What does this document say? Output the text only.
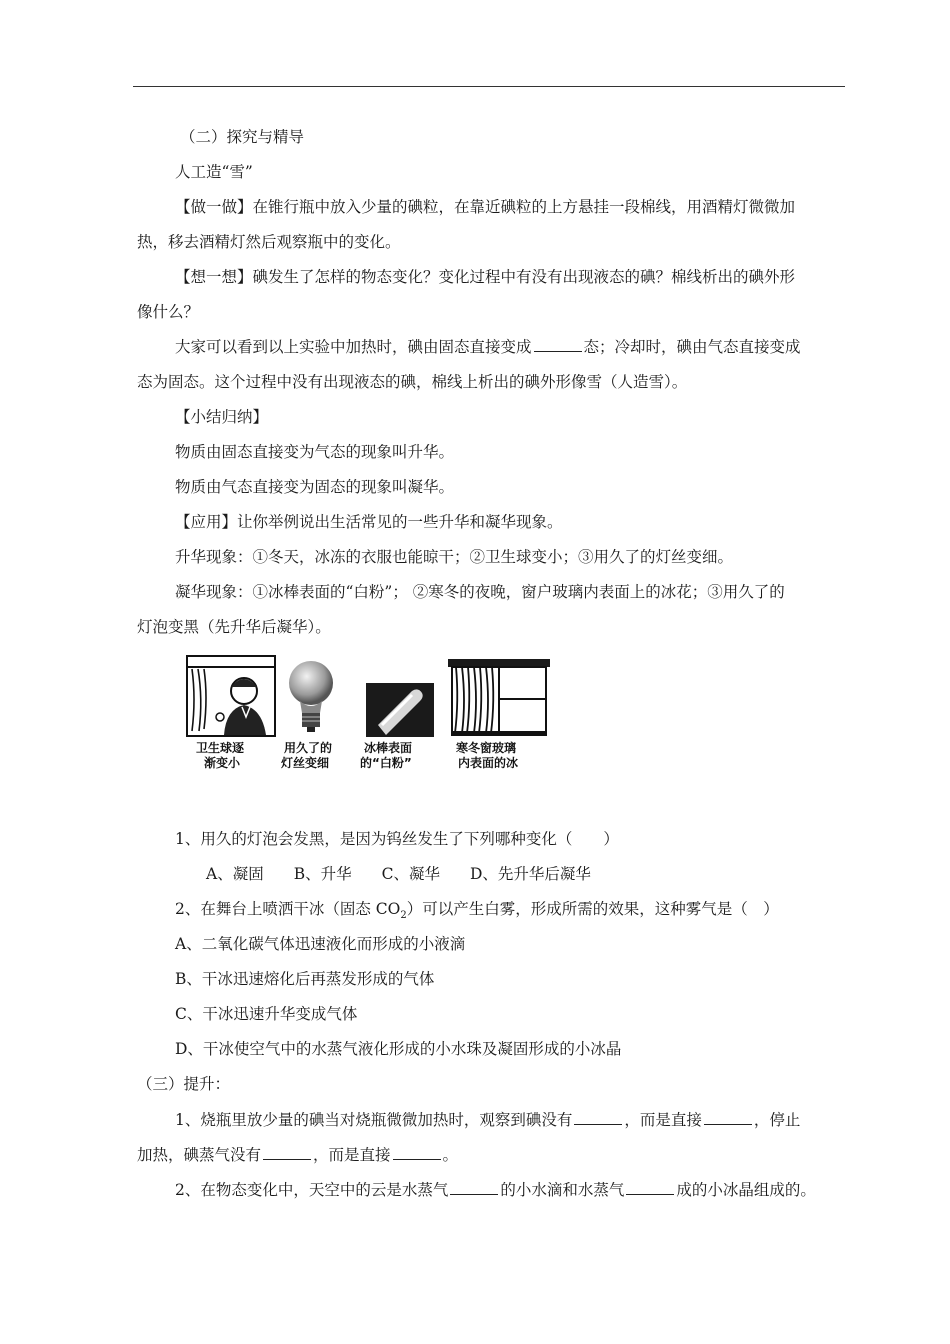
（二）探究与精导
人工造“雪”
【做一做】在锥行瓶中放入少量的碘粒，在靠近碘粒的上方悬挂一段棉线，用酒精灯微微加
热，移去酒精灯然后观察瓶中的变化。
【想一想】碘发生了怎样的物态变化？变化过程中有没有出现液态的碘？棉线析出的碘外形
像什么？
大家可以看到以上实验中加热时，碘由固态直接变成	态；冷却时，碘由气态直接变成
态为固态。这个过程中没有出现液态的碘，棉线上析出的碘外形像雪（人造雪）。
【小结归纳】
物质由固态直接变为气态的现象叫升华。
物质由气态直接变为固态的现象叫凝华。
【应用】让你举例说出生活常见的一些升华和凝华现象。
升华现象：①冬天，冰冻的衣服也能晾干；②卫生球变小；③用久了的灯丝变细。
凝华现象：①冰棒表面的“白粉”； ②寒冬的夜晚，窗户玻璃内表面上的冰花；③用久了的
灯泡变黑（先升华后凝华）。
卫生球逐
渐变小
用久了的
灯丝变细
冰棒表面
的“白粉”
寒冬窗玻璃
内表面的冰
1、用久的灯泡会发黑，是因为钨丝发生了下列哪种变化（　　）
A、凝固 B、升华 C、凝华 D、先升华后凝华
2、在舞台上喷洒干冰（固态 $CO_2$）可以产生白雾，形成所需的效果，这种雾气是（　）
A、二氧化碳气体迅速液化而形成的小液滴
B、干冰迅速熔化后再蒸发形成的气体
C、干冰迅速升华变成气体
D、干冰使空气中的水蒸气液化形成的小水珠及凝固形成的小冰晶
（三）提升：
1、烧瓶里放少量的碘当对烧瓶微微加热时，观察到碘没有	，而是直接	，停止
加热，碘蒸气没有	，而是直接	。
2、在物态变化中，天空中的云是水蒸气	的小水滴和水蒸气	成的小冰晶组成的。
